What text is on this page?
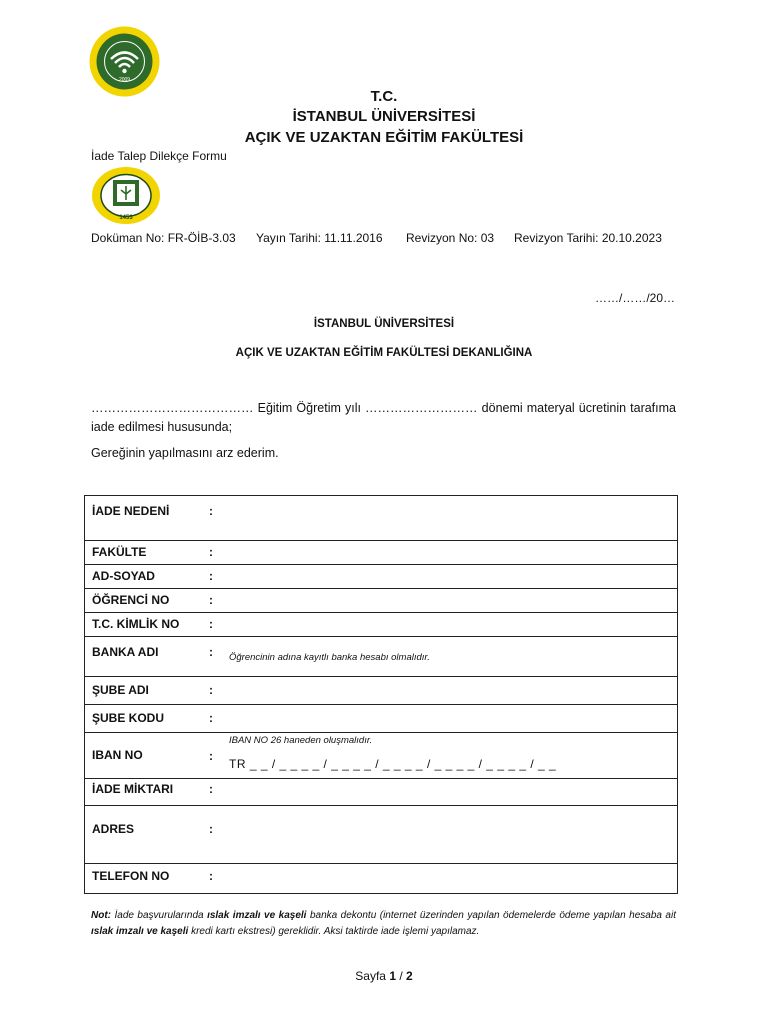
2009
T.C.
İSTANBUL ÜNİVERSİTESİ
AÇIK VE UZAKTAN EĞİTİM FAKÜLTESİ
İade Talep Dilekçe Formu
1453
Doküman No: FR-ÖİB-3.03 Yayın Tarihi: 11.11.2016 Revizyon No: 03 Revizyon Tarihi: 20.10.2023
……/……/20…
İSTANBUL ÜNİVERSİTESİ
AÇIK VE UZAKTAN EĞİTİM FAKÜLTESİ DEKANLIĞINA
………………………………… Eğitim Öğretim yılı ……………………… dönemi materyal ücretinin tarafıma iade edilmesi hususunda;
Gereğinin yapılmasını arz ederim.
İADE NEDENİ	:
FAKÜLTE	:
AD-SOYAD	:
ÖĞRENCİ NO	:
T.C. KİMLİK NO :
BANKA ADI	: Öğrencinin adına kayıtlı banka hesabı olmalıdır.
ŞUBE ADI	:
ŞUBE KODU	:
IBAN NO	:
IBAN NO 26 haneden oluşmalıdır.
TR _ _ / _ _ _ _ / _ _ _ _ / _ _ _ _ / _ _ _ _ / _ _ _ _ / _ _
İADE MİKTARI	:
ADRES	:
TELEFON NO	:
Not: İade başvurularında ıslak imzalı ve kaşeli banka dekontu (internet üzerinden yapılan ödemelerde ödeme yapılan hesaba ait ıslak imzalı ve kaşeli kredi kartı ekstresi) gereklidir. Aksi taktirde iade işlemi yapılamaz.
Sayfa 1 / 2
